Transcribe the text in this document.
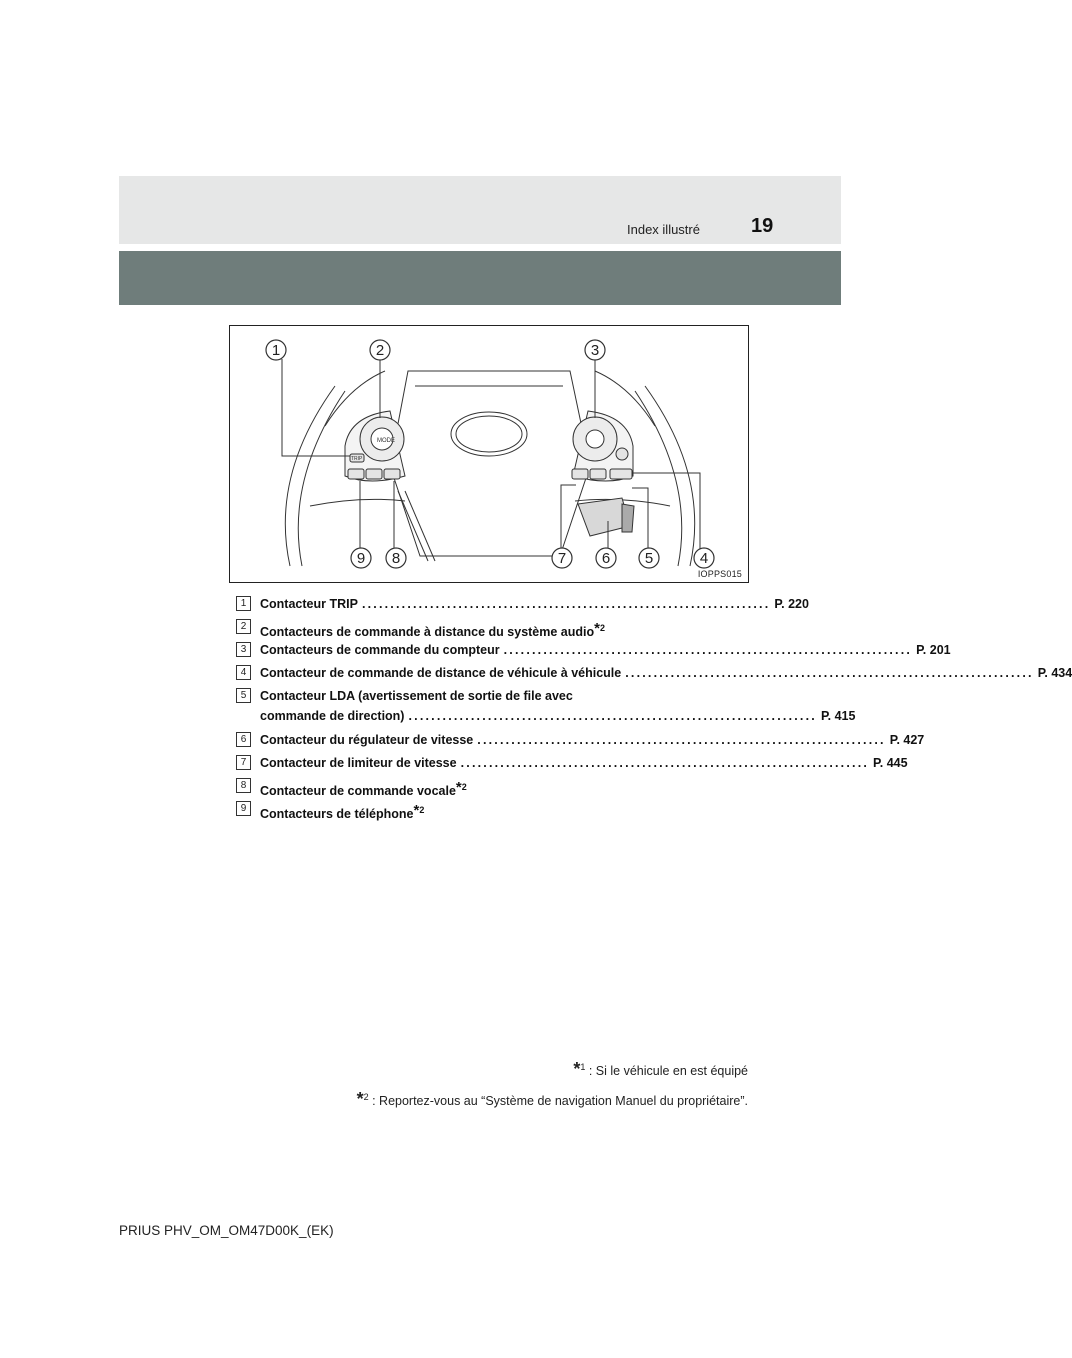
Index illustré	19
MODE
TRIP
1	2	3
4
5
6
7
8
9
IOPPS015
1	Contacteur TRIP ........................................................................ P. 220
2	Contacteurs de commande à distance du système audio$^{*2}$
3	Contacteurs de commande du compteur ........................................................................ P. 201
4	Contacteur de commande de distance de véhicule à véhicule ........................................................................ P. 434
5	Contacteur LDA (avertissement de sortie de file avec
commande de direction) ........................................................................ P. 415
6	Contacteur du régulateur de vitesse ........................................................................ P. 427
7	Contacteur de limiteur de vitesse ........................................................................ P. 445
8	Contacteur de commande vocale$^{*2}$
9	Contacteurs de téléphone$^{*2}$
*$^1$ : Si le véhicule en est équipé
*$^2$ : Reportez-vous au “Système de navigation Manuel du propriétaire”.
PRIUS PHV_OM_OM47D00K_(EK)
